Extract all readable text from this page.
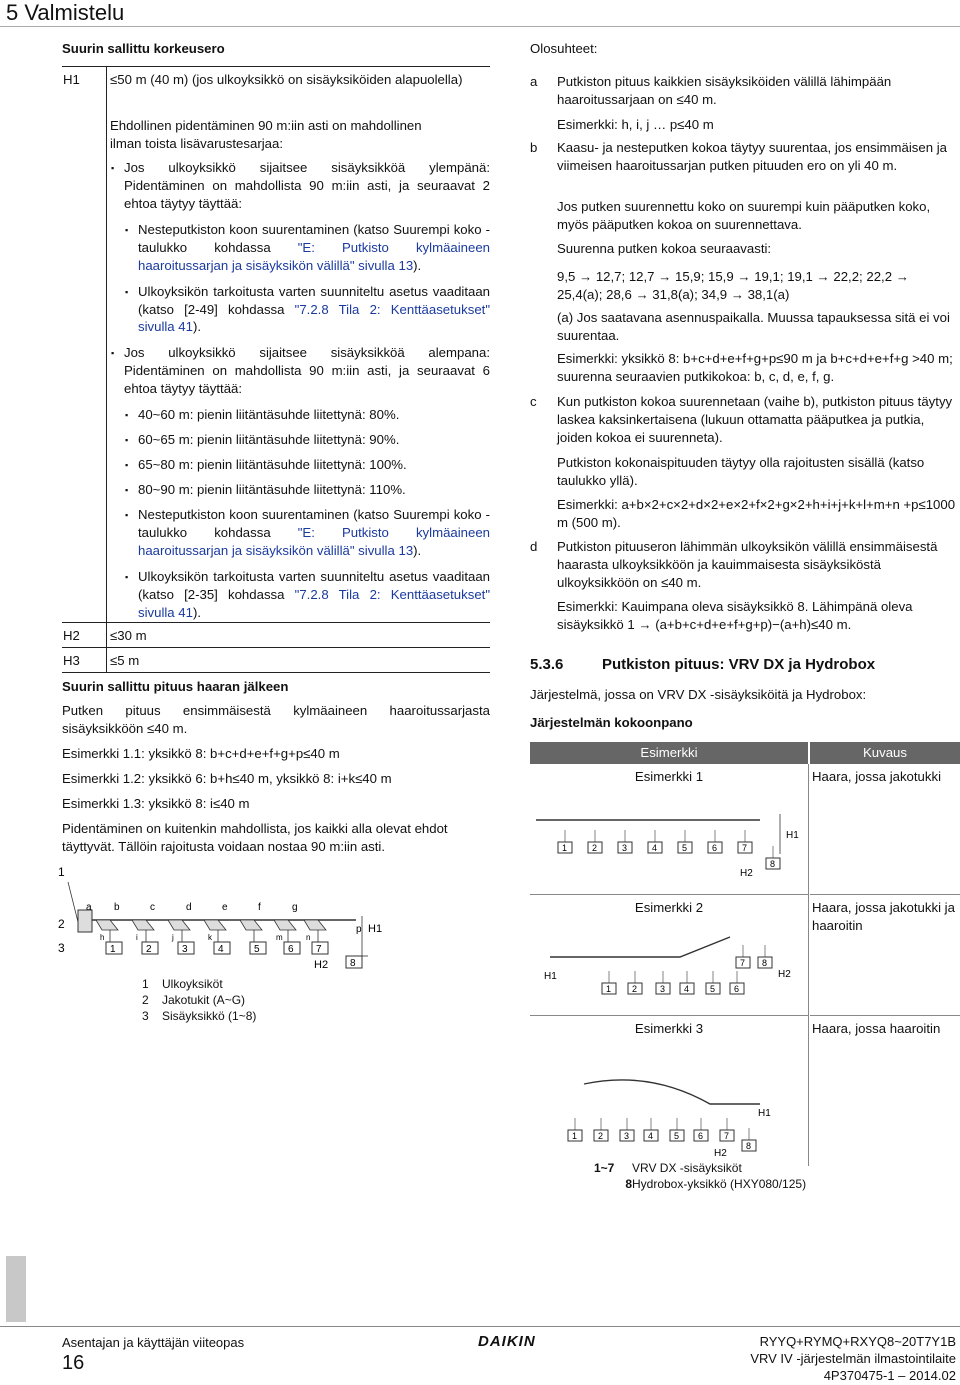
5 Valmistelu
Suurin sallittu korkeusero
H1 ≤50 m (40 m) (jos ulkoyksikkö on sisäyksiköiden alapuolella)
Ehdollinen pidentäminen 90 m:iin asti on mahdollinen ilman toista lisävarustesarjaa:
▪ Jos ulkoyksikkö sijaitsee sisäyksikköä ylempänä: Pidentäminen on mahdollista 90 m:iin asti, ja seuraavat 2 ehtoa täytyy täyttää:
▪ Nesteputkiston koon suurentaminen (katso Suurempi koko -taulukko kohdassa "E: Putkisto kylmäaineen haaroitussarjan ja sisäyksikön välillä" sivulla 13).
▪ Ulkoyksikön tarkoitusta varten suunniteltu asetus vaaditaan (katso [2-49] kohdassa "7.2.8 Tila 2: Kenttäasetukset" sivulla 41).
▪ Jos ulkoyksikkö sijaitsee sisäyksikköä alempana: Pidentäminen on mahdollista 90 m:iin asti, ja seuraavat 6 ehtoa täytyy täyttää:
▪ 40~60 m: pienin liitäntäsuhde liitettynä: 80%.
▪ 60~65 m: pienin liitäntäsuhde liitettynä: 90%.
▪ 65~80 m: pienin liitäntäsuhde liitettynä: 100%.
▪ 80~90 m: pienin liitäntäsuhde liitettynä: 110%.
▪ Nesteputkiston koon suurentaminen (katso Suurempi koko -taulukko kohdassa "E: Putkisto kylmäaineen haaroitussarjan ja sisäyksikön välillä" sivulla 13).
▪ Ulkoyksikön tarkoitusta varten suunniteltu asetus vaaditaan (katso [2-35] kohdassa "7.2.8 Tila 2: Kenttäasetukset" sivulla 41).
H2 ≤30 m
H3 ≤5 m
Suurin sallittu pituus haaran jälkeen
Putken pituus ensimmäisestä kylmäaineen haaroitussarjasta sisäyksikköön ≤40 m.
Esimerkki 1.1: yksikkö 8: b+c+d+e+f+g+p≤40 m
Esimerkki 1.2: yksikkö 6: b+h≤40 m, yksikkö 8: i+k≤40 m
Esimerkki 1.3: yksikkö 8: i≤40 m
Pidentäminen on kuitenkin mahdollista, jos kaikki alla olevat ehdot täyttyvät. Tällöin rajoitusta voidaan nostaa 90 m:iin asti.
1
2
3
a b	c	d	e	f	g
p H1
H2
1	2	3	4	5	6 7
8
h	i	j	k	m	n
1 Ulkoyksiköt
2 Jakotukit (A~G)
3 Sisäyksikkö (1~8)
Olosuhteet:
a	Putkiston pituus kaikkien sisäyksiköiden välillä lähimpään haaroitussarjaan on ≤40 m.
Esimerkki: h, i, j … p≤40 m
b	Kaasu- ja nesteputken kokoa täytyy suurentaa, jos ensimmäisen ja viimeisen haaroitussarjan putken pituuden ero on yli 40 m.
Jos putken suurennettu koko on suurempi kuin pääputken koko, myös pääputken kokoa on suurennettava.
Suurenna putken kokoa seuraavasti:
9,5 → 12,7; 12,7 → 15,9; 15,9 → 19,1; 19,1 → 22,2; 22,2 → 25,4(a); 28,6 → 31,8(a); 34,9 → 38,1(a)
(a) Jos saatavana asennuspaikalla. Muussa tapauksessa sitä ei voi suurentaa.
Esimerkki: yksikkö 8: b+c+d+e+f+g+p≤90 m ja b+c+d+e+f+g >40 m; suurenna seuraavien putkikokoa: b, c, d, e, f, g.
c	Kun putkiston kokoa suurennetaan (vaihe b), putkiston pituus täytyy laskea kaksinkertaisena (lukuun ottamatta pääputkea ja putkia, joiden kokoa ei suurenneta).
Putkiston kokonaispituuden täytyy olla rajoitusten sisällä (katso taulukko yllä).
Esimerkki: a+b×2+c×2+d×2+e×2+f×2+g×2+h+i+j+k+l+m+n +p≤1000 m (500 m).
d	Putkiston pituuseron lähimmän ulkoyksikön välillä ensimmäisestä haarasta ulkoyksikköön ja kauimmaisesta sisäyksiköstä ulkoyksikköön on ≤40 m.
Esimerkki: Kauimpana oleva sisäyksikkö 8. Lähimpänä oleva sisäyksikkö 1 → (a+b+c+d+e+f+g+p)−(a+h)≤40 m.
5.3.6	Putkiston pituus: VRV DX ja Hydrobox
Järjestelmä, jossa on VRV DX -sisäyksiköitä ja Hydrobox:
Järjestelmän kokoonpano
Esimerkki	Kuvaus
Esimerkki 1
1	2	3	4	5	6	7
8
H1
H2
Haara, jossa jakotukki
Esimerkki 2
1 2	3 4 5 6
7 8
H1	H2
Haara, jossa jakotukki ja haaroitin
Esimerkki 3
1 2 3 4 5 6 7
8
H1
H2
Haara, jossa haaroitin
1~7 VRV DX -sisäyksiköt
8Hydrobox-yksikkö (HXY080/125)
Asentajan ja käyttäjän viiteopas
16
DAIKIN	RYYQ+RYMQ+RXYQ8~20T7Y1B
VRV IV -järjestelmän ilmastointilaite
4P370475-1 – 2014.02
